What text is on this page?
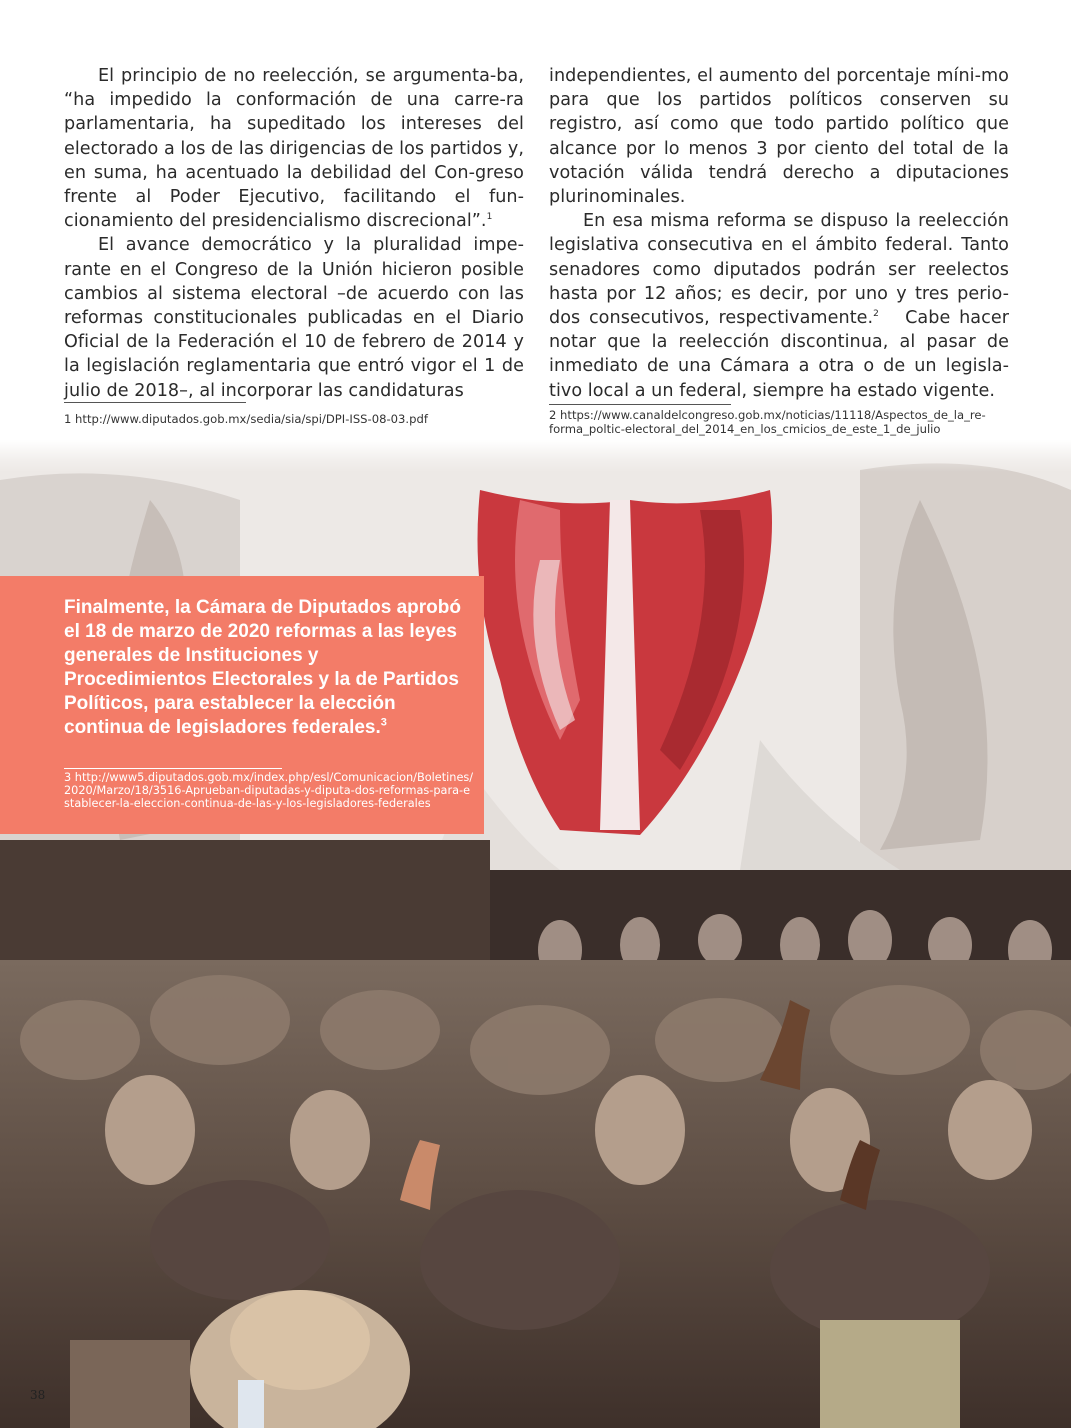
El principio de no reelección, se argumenta-ba, “ha impedido la conformación de una carre-ra parlamentaria, ha supeditado los intereses del electorado a los de las dirigencias de los partidos y, en suma, ha acentuado la debilidad del Con-greso frente al Poder Ejecutivo, facilitando el fun-cionamiento del presidencialismo discrecional”.$^1$

El avance democrático y la pluralidad impe-rante en el Congreso de la Unión hicieron posible cambios al sistema electoral –de acuerdo con las reformas constitucionales publicadas en el Diario Oficial de la Federación el 10 de febrero de 2014 y la legislación reglamentaria que entró vigor el 1 de julio de 2018–, al incorporar las candidaturas

1 http://www.diputados.gob.mx/sedia/sia/spi/DPI-ISS-08-03.pdf

independientes, el aumento del porcentaje míni-mo para que los partidos políticos conserven su registro, así como que todo partido político que alcance por lo menos 3 por ciento del total de la votación válida tendrá derecho a diputaciones plurinominales.

En esa misma reforma se dispuso la reelección legislativa consecutiva en el ámbito federal. Tanto senadores como diputados podrán ser reelectos hasta por 12 años; es decir, por uno y tres perio-dos consecutivos, respectivamente.$^2$ Cabe hacer notar que la reelección discontinua, al pasar de inmediato de una Cámara a otra o de un legisla-tivo local a un federal, siempre ha estado vigente.

2 https://www.canaldelcongreso.gob.mx/noticias/11118/Aspectos_de_la_re-
forma_poltic-electoral_del_2014_en_los_cmicios_de_este_1_de_julio
Finalmente, la Cámara de Diputados aprobó el 18 de marzo de 2020 reformas a las leyes generales de Instituciones y Procedimientos Electorales y la de Partidos Políticos, para establecer la elección continua de legisladores federales.$^3$
3 http://www5.diputados.gob.mx/index.php/esl/Comunicacion/Boletines/2020/Marzo/18/3516-Aprueban-diputadas-y-diputa-dos-reformas-para-establecer-la-eleccion-continua-de-las-y-los-legisladores-federales
38
